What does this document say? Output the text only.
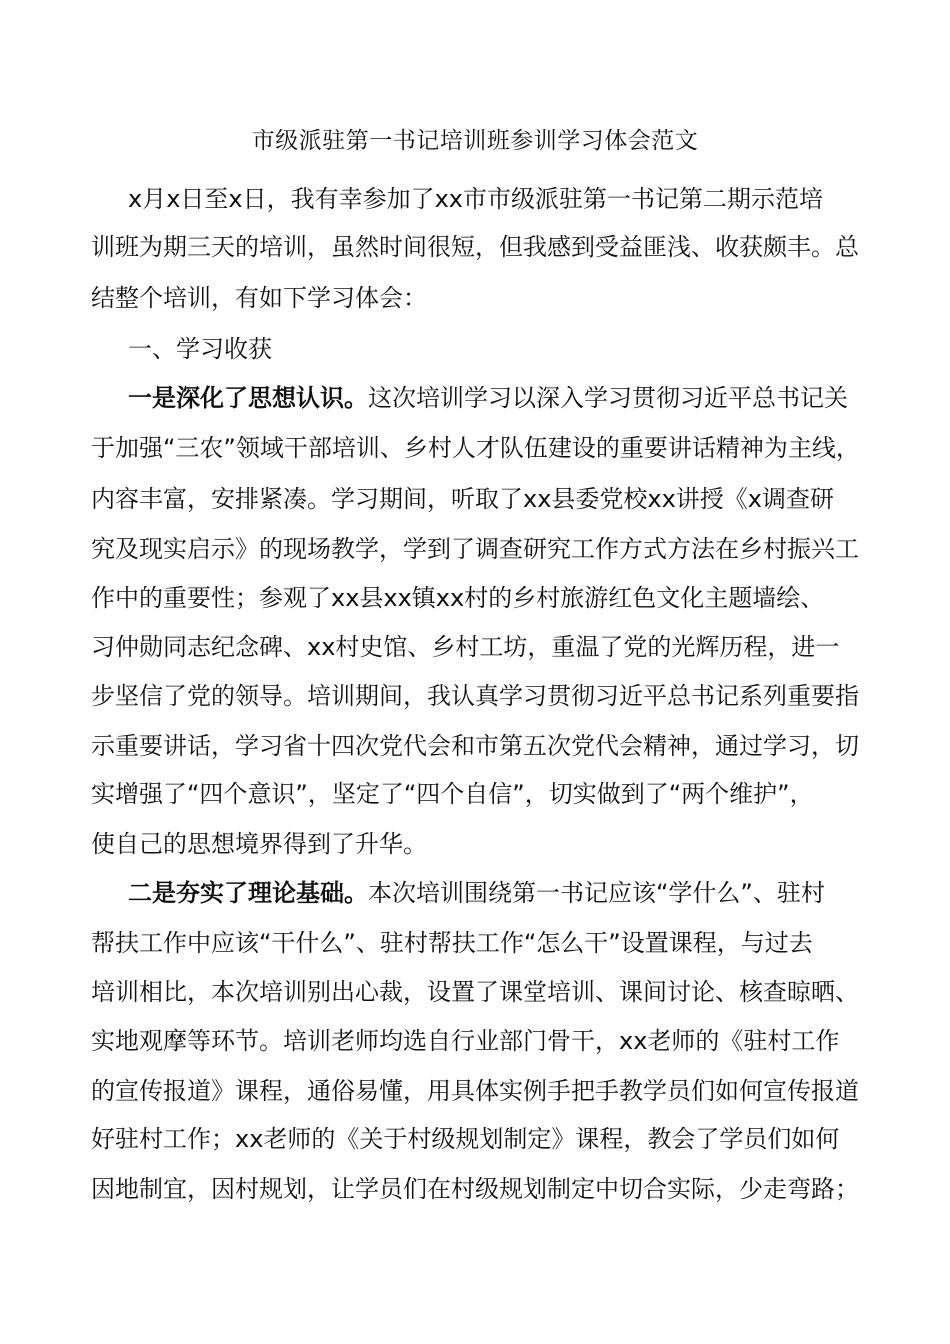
市级派驻第一书记培训班参训学习体会范文
x月x日至x日，我有幸参加了xx市市级派驻第一书记第二期示范培
训班为期三天的培训，虽然时间很短，但我感到受益匪浅、收获颇丰。总
结整个培训，有如下学习体会：
一、学习收获
一是深化了思想认识。这次培训学习以深入学习贯彻习近平总书记关
于加强“三农”领域干部培训、乡村人才队伍建设的重要讲话精神为主线，
内容丰富，安排紧凑。学习期间，听取了xx县委党校xx讲授《x调查研
究及现实启示》的现场教学，学到了调查研究工作方式方法在乡村振兴工
作中的重要性；参观了xx县xx镇xx村的乡村旅游红色文化主题墙绘、
习仲勋同志纪念碑、xx村史馆、乡村工坊，重温了党的光辉历程，进一
步坚信了党的领导。培训期间，我认真学习贯彻习近平总书记系列重要指
示重要讲话，学习省十四次党代会和市第五次党代会精神，通过学习，切
实增强了“四个意识”，坚定了“四个自信”，切实做到了“两个维护”，
使自己的思想境界得到了升华。
二是夯实了理论基础。本次培训围绕第一书记应该“学什么”、驻村
帮扶工作中应该“干什么”、驻村帮扶工作“怎么干”设置课程，与过去
培训相比，本次培训别出心裁，设置了课堂培训、课间讨论、核查晾晒、
实地观摩等环节。培训老师均选自行业部门骨干，xx老师的《驻村工作
的宣传报道》课程，通俗易懂，用具体实例手把手教学员们如何宣传报道
好驻村工作；xx老师的《关于村级规划制定》课程，教会了学员们如何
因地制宜，因村规划，让学员们在村级规划制定中切合实际，少走弯路；
